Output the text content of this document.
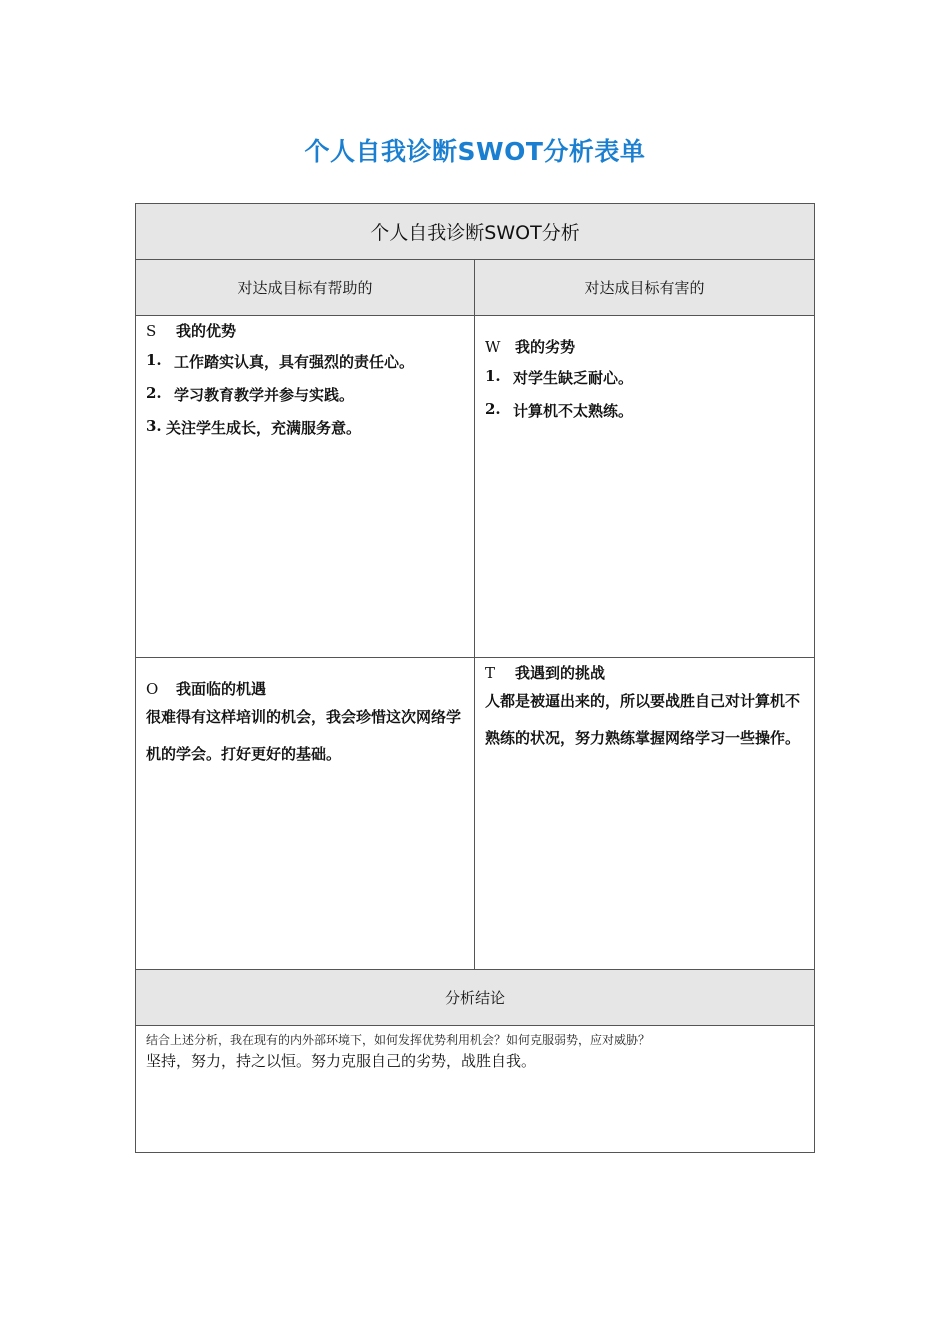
个人自我诊断SWOT分析表单
个人自我诊断SWOT分析
对达成目标有帮助的	对达成目标有害的
S 我的优势
1. 工作踏实认真，具有强烈的责任心。
2. 学习教育教学并参与实践。
3. 关注学生成长，充满服务意。
W 我的劣势
1. 对学生缺乏耐心。
2. 计算机不太熟练。
O 我面临的机遇

很难得有这样培训的机会，我会珍惜这次网络学机的学会。打好更好的基础。

T 我遇到的挑战

人都是被逼出来的，所以要战胜自己对计算机不熟练的状况，努力熟练掌握网络学习一些操作。

分析结论
结合上述分析，我在现有的内外部环境下，如何发挥优势利用机会？如何克服弱势，应对威胁？
坚持，努力，持之以恒。努力克服自己的劣势，战胜自我。
